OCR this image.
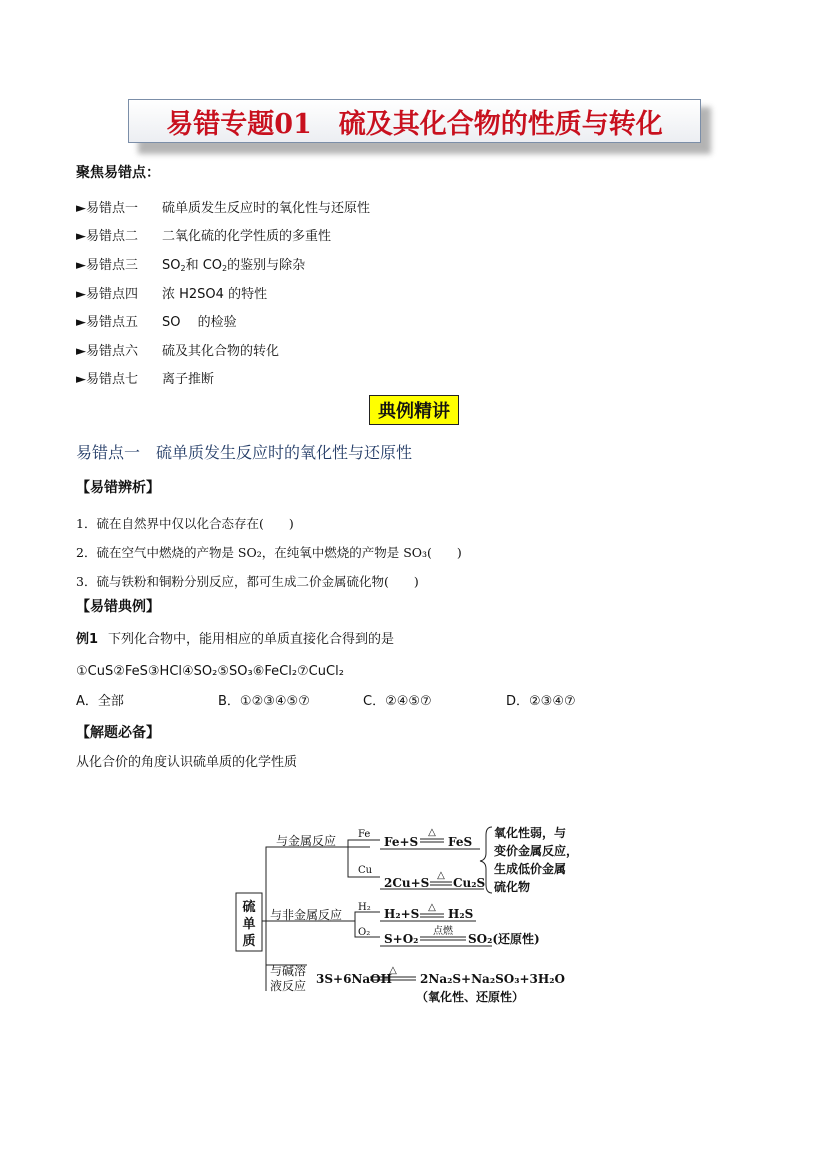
易错专题01　硫及其化合物的性质与转化
聚焦易错点：
►易错点一	硫单质发生反应时的氧化性与还原性
►易错点二	二氧化硫的化学性质的多重性
►易错点三	$SO_2$和 $CO_2$的鉴别与除杂
►易错点四	浓 H2SO4 的特性
►易错点五	SO　 的检验
►易错点六	硫及其化合物的转化
►易错点七	离子推断
典例精讲
易错点一　硫单质发生反应时的氧化性与还原性
【易错辨析】
1．硫在自然界中仅以化合态存在(　　)
2．硫在空气中燃烧的产物是 SO₂，在纯氧中燃烧的产物是 SO₃(　　)
3．硫与铁粉和铜粉分别反应，都可生成二价金属硫化物(　　)
【易错典例】
例1 下列化合物中，能用相应的单质直接化合得到的是
①CuS②FeS③HCl④SO₂⑤SO₃⑥FeCl₂⑦CuCl₂
A．全部	B．①②③④⑤⑦	C．②④⑤⑦	D．②③④⑦
【解题必备】
从化合价的角度认识硫单质的化学性质
硫
单
质
与金属反应
与非金属反应
与碱溶
液反应
Fe
Fe+S
△
FeS
Cu
2Cu+S
△
Cu₂S
氧化性弱，与
变价金属反应，
生成低价金属
硫化物
H₂ H₂+S △ H₂S
O₂ S+O₂
点燃
SO₂(还原性)
3S+6NaOH
△
2Na₂S+Na₂SO₃+3H₂O
（氧化性、还原性）
